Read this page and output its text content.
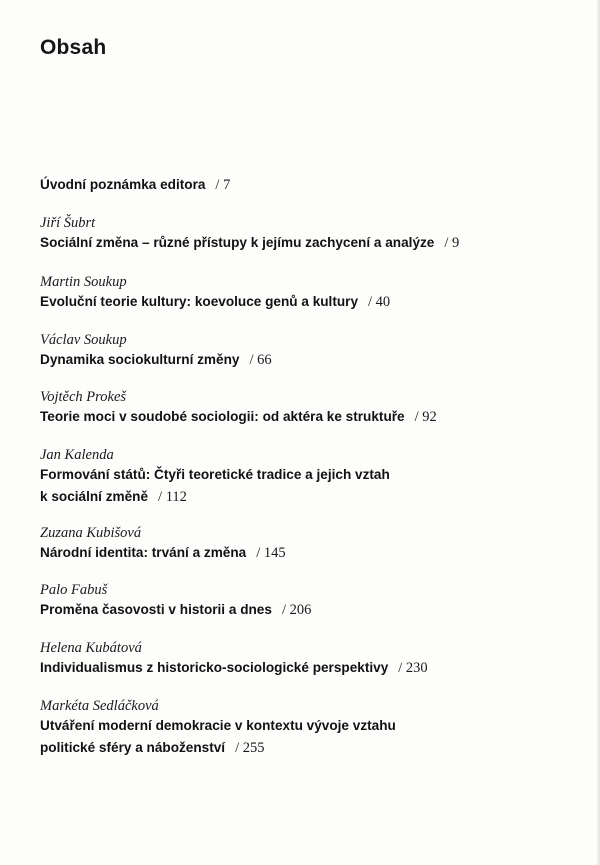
Obsah
Úvodní poznámka editora / 7
Jiří Šubrt
Sociální změna – různé přístupy k jejímu zachycení a analýze / 9
Martin Soukup
Evoluční teorie kultury: koevoluce genů a kultury / 40
Václav Soukup
Dynamika sociokulturní změny / 66
Vojtěch Prokeš
Teorie moci v soudobé sociologii: od aktéra ke struktuře / 92
Jan Kalenda
Formování států: Čtyři teoretické tradice a jejich vztah
k sociální změně / 112
Zuzana Kubišová
Národní identita: trvání a změna / 145
Palo Fabuš
Proměna časovosti v historii a dnes / 206
Helena Kubátová
Individualismus z historicko-sociologické perspektivy / 230
Markéta Sedláčková
Utváření moderní demokracie v kontextu vývoje vztahu
politické sféry a náboženství / 255
